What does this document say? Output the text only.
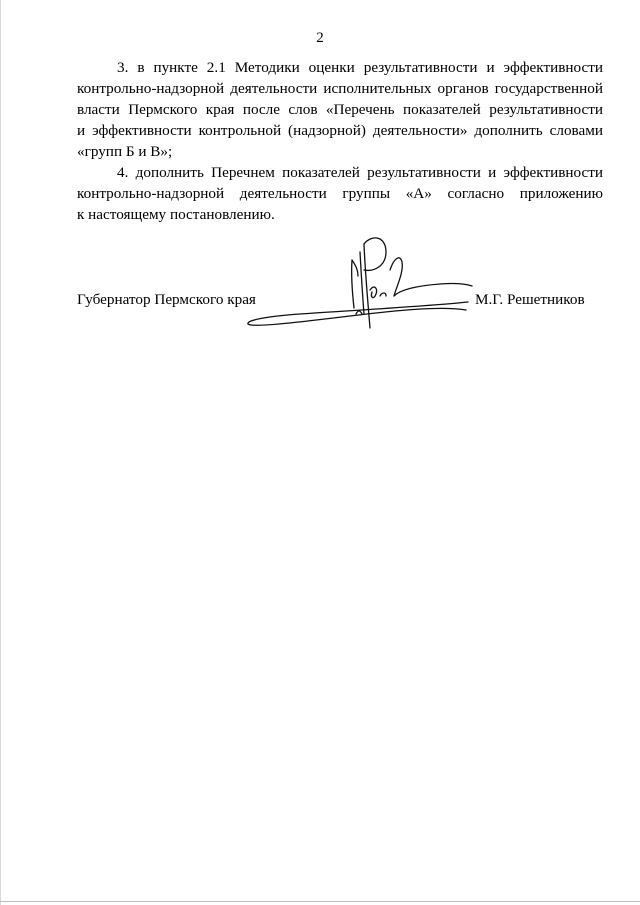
2

3. в пункте 2.1 Методики оценки результативности и эффективности
контрольно-надзорной деятельности исполнительных органов государственной
власти Пермского края после слов «Перечень показателей результативности
и эффективности контрольной (надзорной) деятельности» дополнить словами
«групп Б и В»;

4. дополнить Перечнем показателей результативности и эффективности
контрольно-надзорной деятельности группы «А» согласно приложению
к настоящему постановлению.

Губернатор Пермского края	М.Г. Решетников
